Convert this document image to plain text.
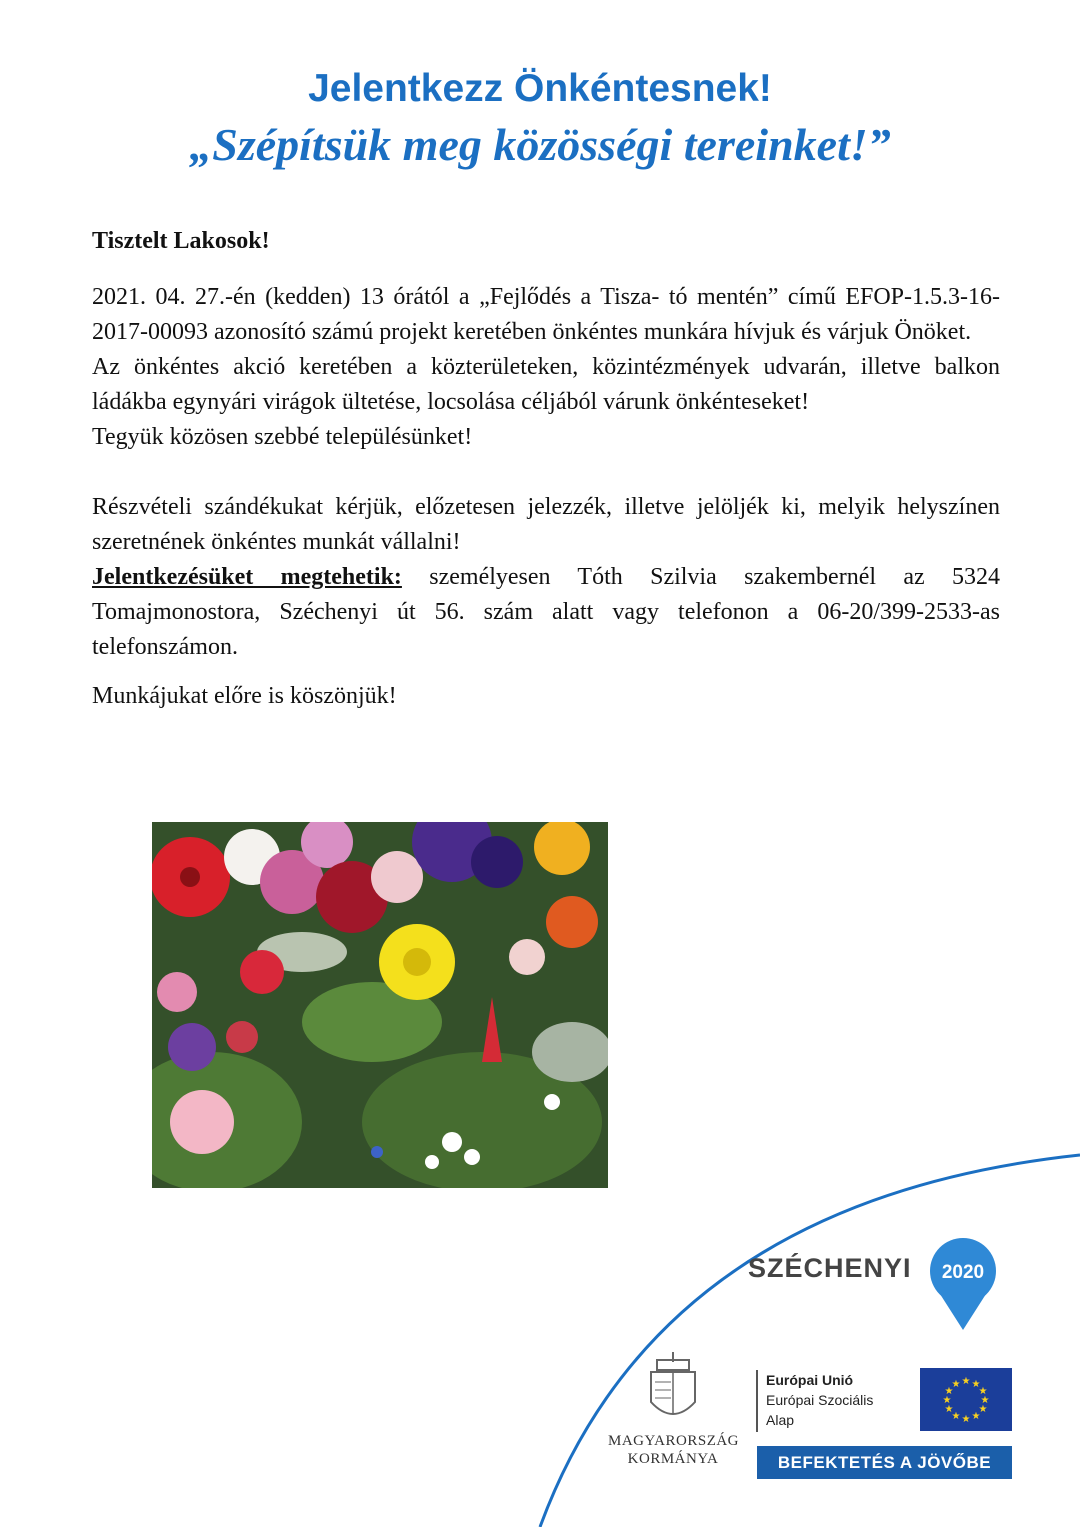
Jelentkezz Önkéntesnek!
„Szépítsük meg közösségi tereinket!”
Tisztelt Lakosok!

2021. 04. 27.-én (kedden) 13 órától a „Fejlődés a Tisza- tó mentén” című EFOP-1.5.3-16-2017-00093 azonosító számú projekt keretében önkéntes munkára hívjuk és várjuk Önöket.

Az önkéntes akció keretében a közterületeken, közintézmények udvarán, illetve balkon ládákba egynyári virágok ültetése, locsolása céljából várunk önkénteseket!

Tegyük közösen szebbé településünket!

Részvételi szándékukat kérjük, előzetesen jelezzék, illetve jelöljék ki, melyik helyszínen szeretnének önkéntes munkát vállalni!

Jelentkezésüket megtehetik: személyesen Tóth Szilvia szakembernél az 5324 Tomajmonostora, Széchenyi út 56. szám alatt vagy telefonon a 06-20/399-2533-as telefonszámon.

Munkájukat előre is köszönjük!

SZÉCHENYI 2020
MAGYARORSZÁG
KORMÁNYA
Európai Unió
Európai Szociális
Alap
★ ★
★
★
★
★
★
★
★
★
★
★
BEFEKTETÉS A JÖVŐBE
